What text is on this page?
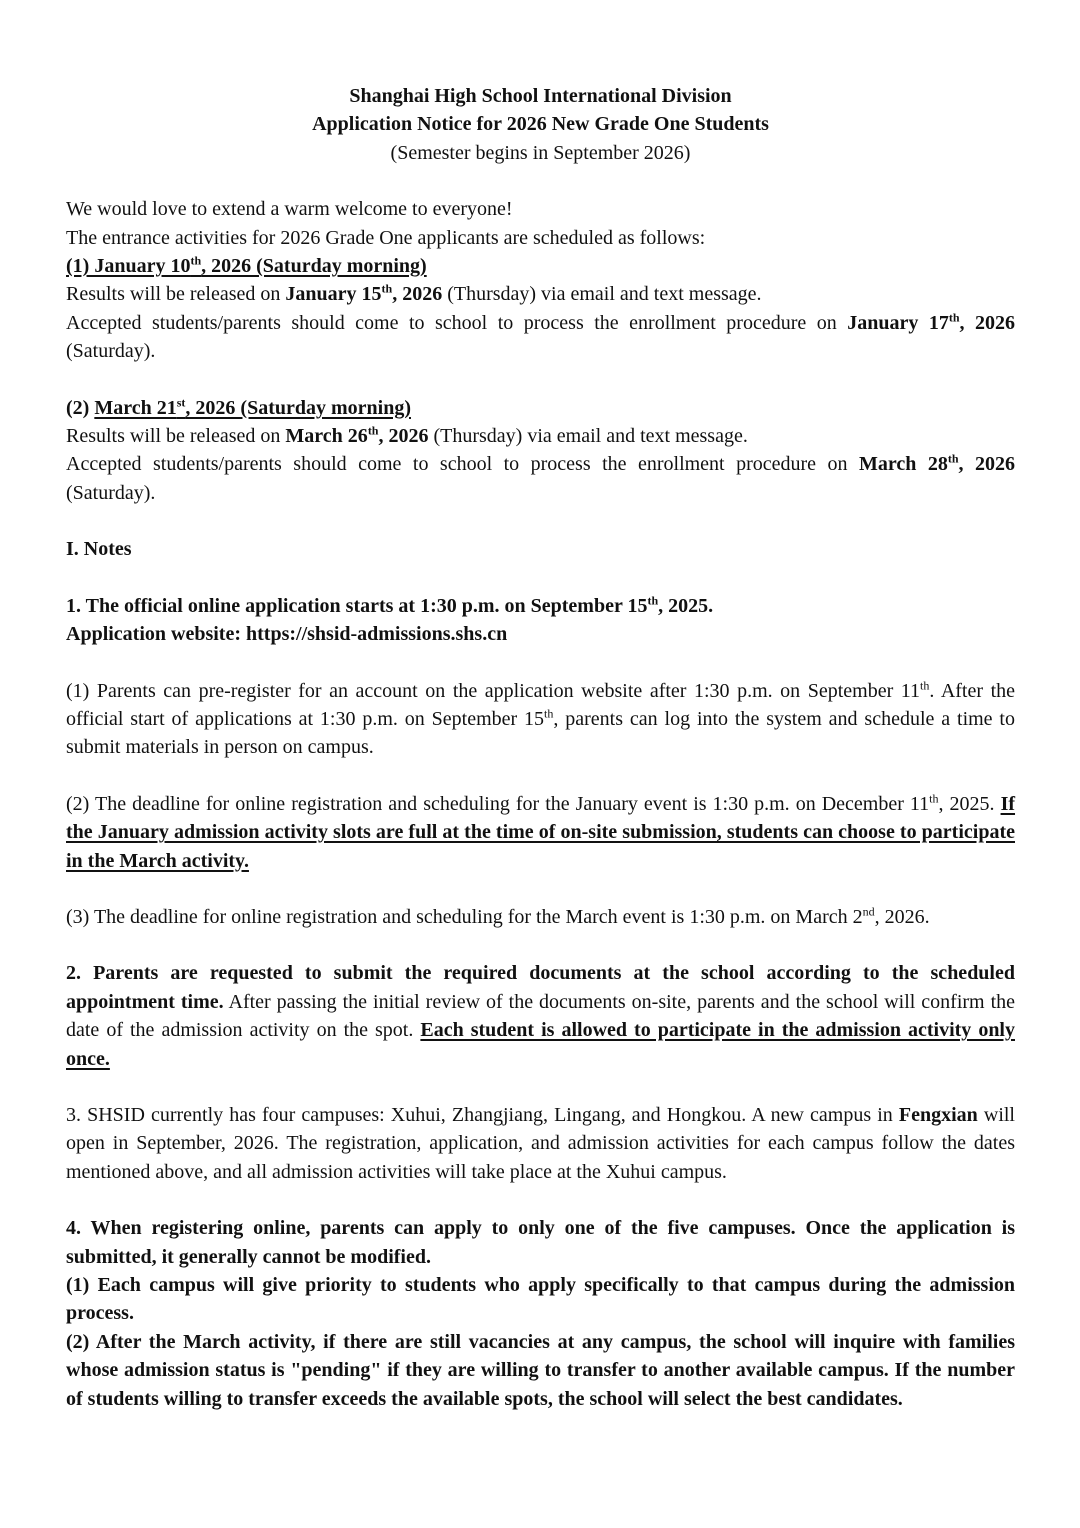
Shanghai High School International Division

Application Notice for 2026 New Grade One Students

(Semester begins in September 2026)

We would love to extend a warm welcome to everyone!

The entrance activities for 2026 Grade One applicants are scheduled as follows:

(1) January 10th, 2026 (Saturday morning)

Results will be released on January 15th, 2026 (Thursday) via email and text message.

Accepted students/parents should come to school to process the enrollment procedure on January 17th, 2026 (Saturday).

(2) March 21st, 2026 (Saturday morning)

Results will be released on March 26th, 2026 (Thursday) via email and text message.

Accepted students/parents should come to school to process the enrollment procedure on March 28th, 2026 (Saturday).

I. Notes

1. The official online application starts at 1:30 p.m. on September 15th, 2025.

Application website: https://shsid-admissions.shs.cn

(1) Parents can pre-register for an account on the application website after 1:30 p.m. on September 11th. After the official start of applications at 1:30 p.m. on September 15th, parents can log into the system and schedule a time to submit materials in person on campus.

(2) The deadline for online registration and scheduling for the January event is 1:30 p.m. on December 11th, 2025. If the January admission activity slots are full at the time of on-site submission, students can choose to participate in the March activity.

(3) The deadline for online registration and scheduling for the March event is 1:30 p.m. on March 2nd, 2026.

2. Parents are requested to submit the required documents at the school according to the scheduled appointment time. After passing the initial review of the documents on-site, parents and the school will confirm the date of the admission activity on the spot. Each student is allowed to participate in the admission activity only once.

3. SHSID currently has four campuses: Xuhui, Zhangjiang, Lingang, and Hongkou. A new campus in Fengxian will open in September, 2026. The registration, application, and admission activities for each campus follow the dates mentioned above, and all admission activities will take place at the Xuhui campus.

4. When registering online, parents can apply to only one of the five campuses. Once the application is submitted, it generally cannot be modified.

(1) Each campus will give priority to students who apply specifically to that campus during the admission process.

(2) After the March activity, if there are still vacancies at any campus, the school will inquire with families whose admission status is "pending" if they are willing to transfer to another available campus. If the number of students willing to transfer exceeds the available spots, the school will select the best candidates.
